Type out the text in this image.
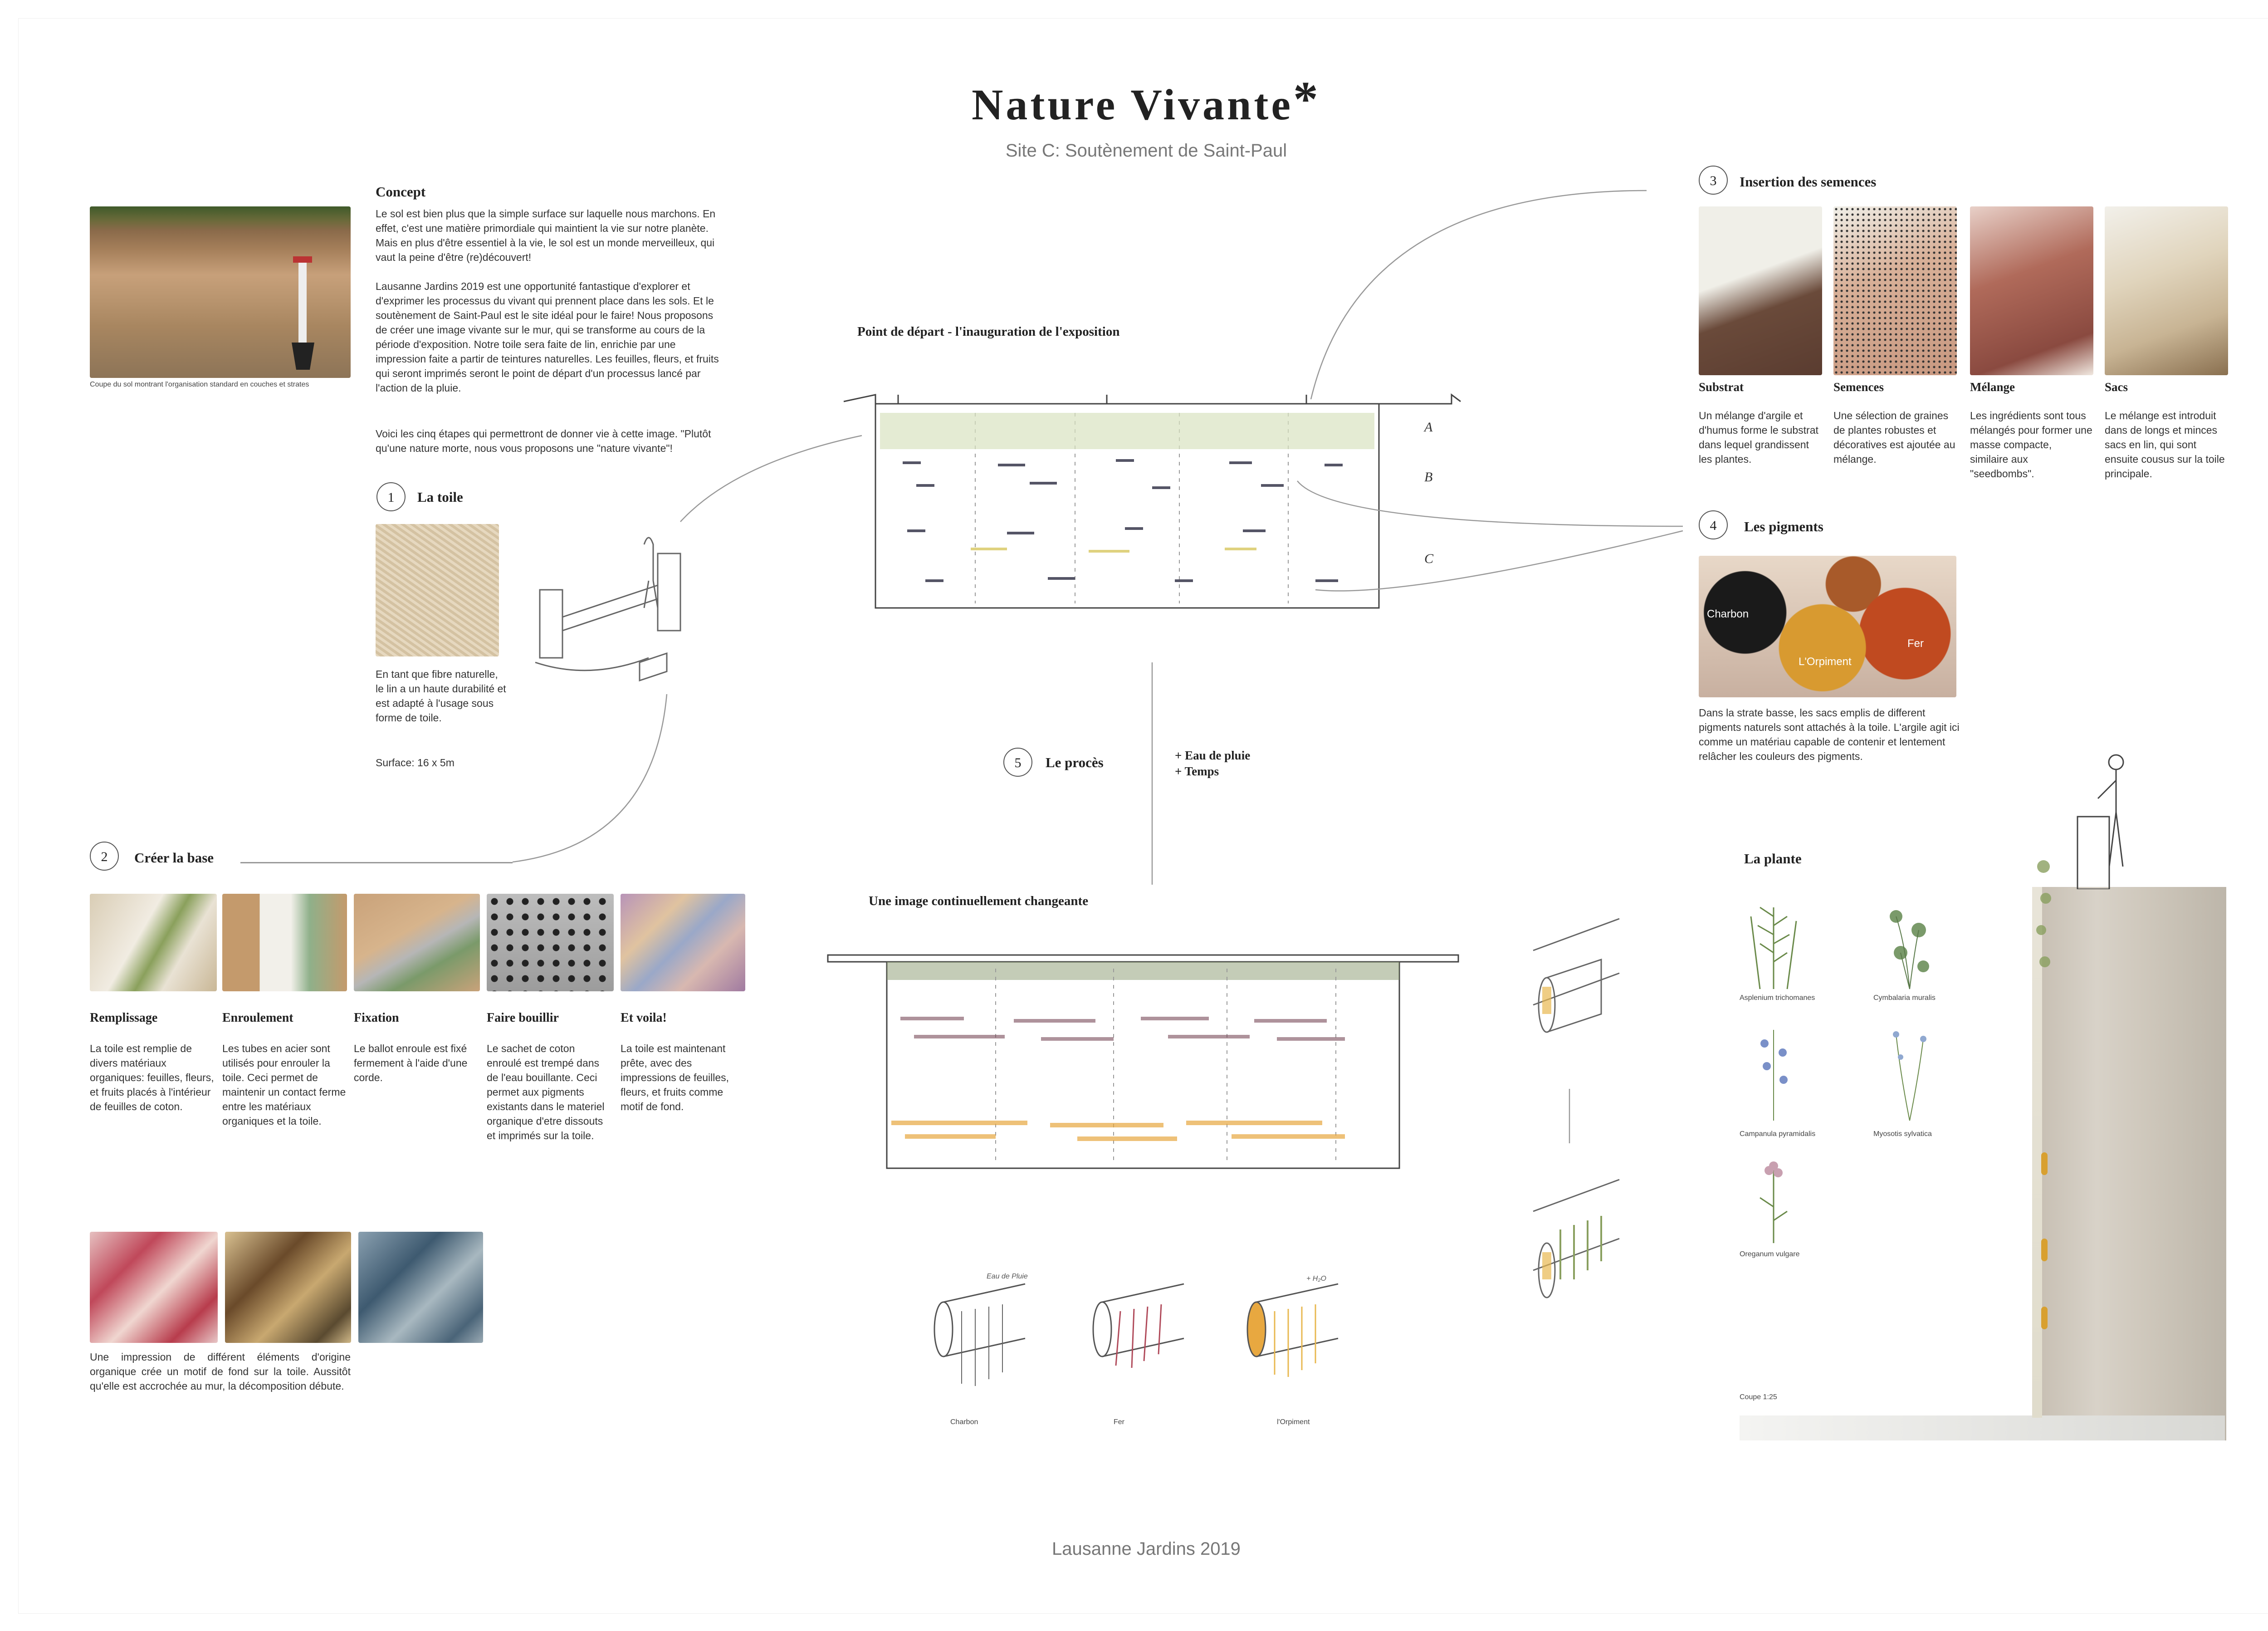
Nature Vivante*
Site C: Soutènement de Saint-Paul
Coupe du sol montrant l'organisation standard en couches et strates
Concept
Le sol est bien plus que la simple surface sur laquelle nous marchons. En effet, c'est une matière primordiale qui maintient la vie sur notre planète. Mais en plus d'être essentiel à la vie, le sol est un monde merveilleux, qui vaut la peine d'être (re)découvert!
Lausanne Jardins 2019 est une opportunité fantastique d'explorer et d'exprimer les processus du vivant qui prennent place dans les sols. Et le soutènement de Saint-Paul est le site idéal pour le faire! Nous proposons de créer une image vivante sur le mur, qui se transforme au cours de la période d'exposition. Notre toile sera faite de lin, enrichie par une impression faite a partir de teintures naturelles. Les feuilles, fleurs, et fruits qui seront imprimés seront le point de départ d'un processus lancé par l'action de la pluie.
Voici les cinq étapes qui permettront de donner vie à cette image. "Plutôt qu'une nature morte, nous vous proposons une "nature vivante"!
1	La toile
En tant que fibre naturelle, le lin a un haute durabilité et est adapté à l'usage sous forme de toile.
Surface: 16 x 5m
2	Créer la base
Remplissage	Enroulement	Fixation	Faire bouillir	Et voila!
La toile est remplie de divers matériaux organiques: feuilles, fleurs, et fruits placés à l'intérieur de feuilles de coton.
Les tubes en acier sont utilisés pour enrouler la toile. Ceci permet de maintenir un contact ferme entre les matériaux organiques et la toile.
Le ballot enroule est fixé fermement à l'aide d'une corde.
Le sachet de coton enroulé est trempé dans de l'eau bouillante. Ceci permet aux pigments existants dans le materiel organique d'etre dissouts et imprimés sur la toile.
La toile est maintenant prête, avec des impressions de feuilles, fleurs, et fruits comme motif de fond.
Une impression de différent éléments d'origine organique crée un motif de fond sur la toile. Aussitôt qu'elle est accrochée au mur, la décomposition débute.
Point de départ - l'inauguration de l'exposition
A
B
C
3	Insertion des semences
Substrat	Semences	Mélange	Sacs
Un mélange d'argile et d'humus forme le substrat dans lequel grandissent les plantes.
Une sélection de graines de plantes robustes et décoratives est ajoutée au mélange.
Les ingrédients sont tous mélangés pour former une masse compacte, similaire aux "seedbombs".
Le mélange est introduit dans de longs et minces sacs en lin, qui sont ensuite cousus sur la toile principale.
4	Les pigments
Charbon
L'Orpiment
Fer
Dans la strate basse, les sacs emplis de different pigments naturels sont attachés à la toile. L'argile agit ici comme un matériau capable de contenir et lentement relâcher les couleurs des pigments.
5	Le procès	+ Eau de pluie
+ Temps
Une image continuellement changeante
Eau de Pluie	+ H₂O
Charbon	Fer	l'Orpiment
La plante
Asplenium trichomanes	Cymbalaria muralis
Campanula pyramidalis	Myosotis sylvatica
Oreganum vulgare
Coupe 1:25
Lausanne Jardins 2019
